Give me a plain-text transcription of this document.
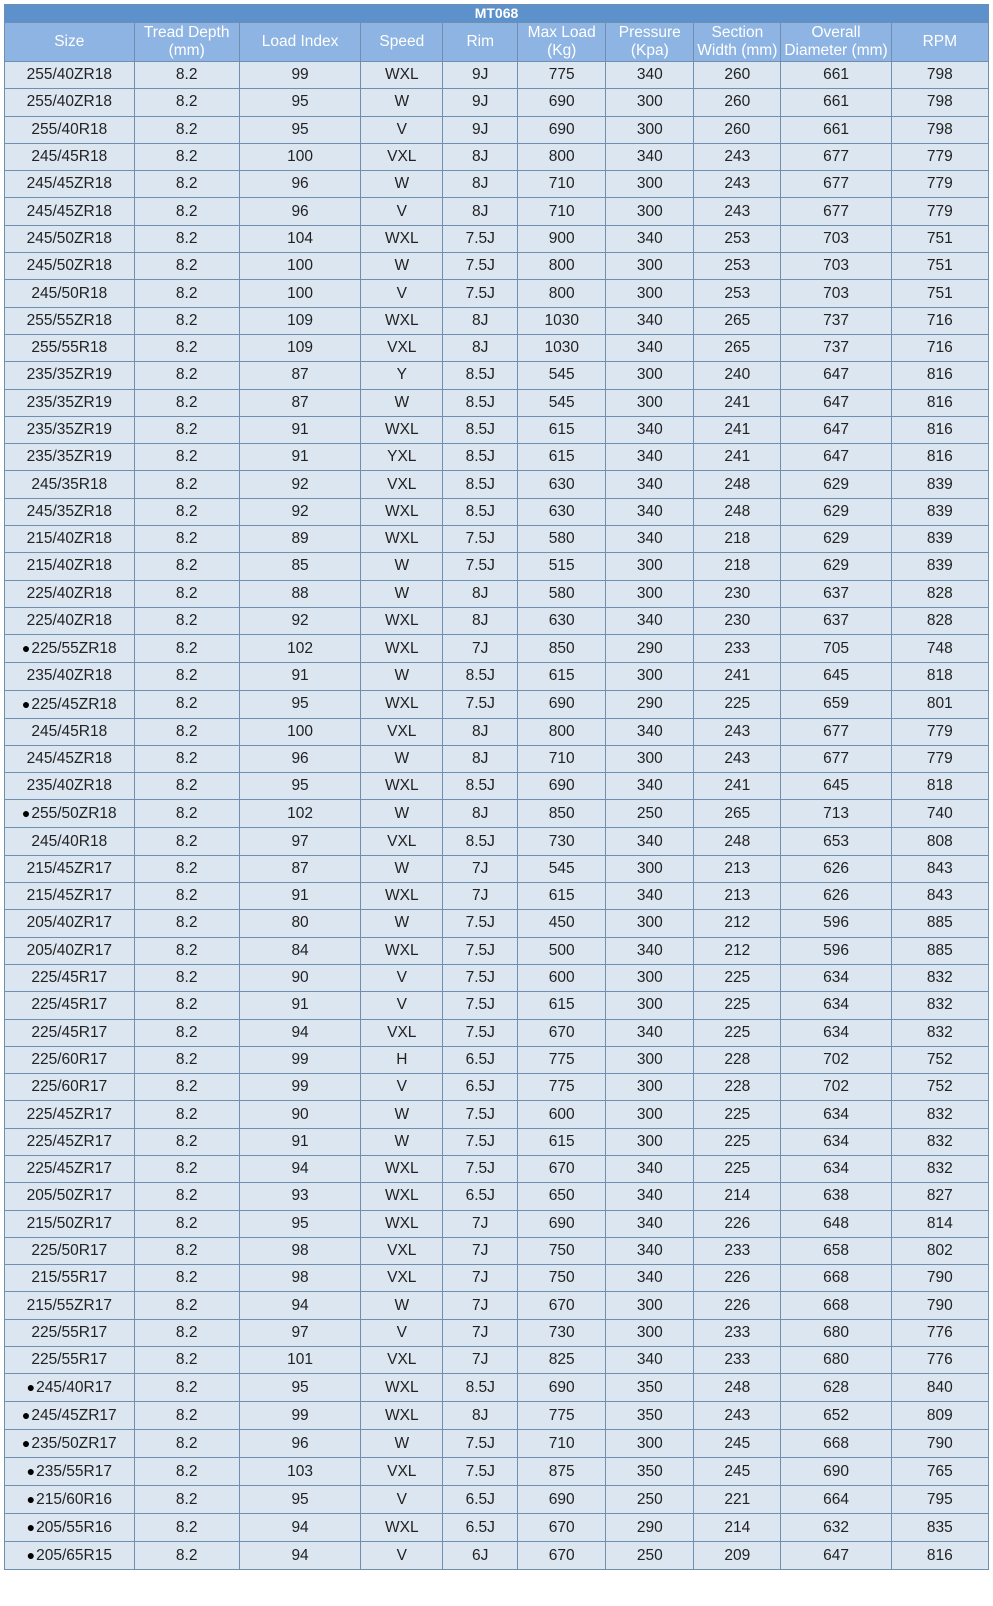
MT068									
Size	Tread Depth (mm)	Load Index	Speed	Rim	Max Load (Kg)	Pressure (Kpa)	Section Width (mm)	Overall Diameter (mm)	RPM
255/40ZR18	8.2	99	WXL	9J	775	340	260	661	798
255/40ZR18	8.2	95	W	9J	690	300	260	661	798
255/40R18	8.2	95	V	9J	690	300	260	661	798
245/45R18	8.2	100	VXL	8J	800	340	243	677	779
245/45ZR18	8.2	96	W	8J	710	300	243	677	779
245/45ZR18	8.2	96	V	8J	710	300	243	677	779
245/50ZR18	8.2	104	WXL	7.5J	900	340	253	703	751
245/50ZR18	8.2	100	W	7.5J	800	300	253	703	751
245/50R18	8.2	100	V	7.5J	800	300	253	703	751
255/55ZR18	8.2	109	WXL	8J	1030	340	265	737	716
255/55R18	8.2	109	VXL	8J	1030	340	265	737	716
235/35ZR19	8.2	87	Y	8.5J	545	300	240	647	816
235/35ZR19	8.2	87	W	8.5J	545	300	241	647	816
235/35ZR19	8.2	91	WXL	8.5J	615	340	241	647	816
235/35ZR19	8.2	91	YXL	8.5J	615	340	241	647	816
245/35R18	8.2	92	VXL	8.5J	630	340	248	629	839
245/35ZR18	8.2	92	WXL	8.5J	630	340	248	629	839
215/40ZR18	8.2	89	WXL	7.5J	580	340	218	629	839
215/40ZR18	8.2	85	W	7.5J	515	300	218	629	839
225/40ZR18	8.2	88	W	8J	580	300	230	637	828
225/40ZR18	8.2	92	WXL	8J	630	340	230	637	828
●225/55ZR18	8.2	102	WXL	7J	850	290	233	705	748
235/40ZR18	8.2	91	W	8.5J	615	300	241	645	818
●225/45ZR18	8.2	95	WXL	7.5J	690	290	225	659	801
245/45R18	8.2	100	VXL	8J	800	340	243	677	779
245/45ZR18	8.2	96	W	8J	710	300	243	677	779
235/40ZR18	8.2	95	WXL	8.5J	690	340	241	645	818
●255/50ZR18	8.2	102	W	8J	850	250	265	713	740
245/40R18	8.2	97	VXL	8.5J	730	340	248	653	808
215/45ZR17	8.2	87	W	7J	545	300	213	626	843
215/45ZR17	8.2	91	WXL	7J	615	340	213	626	843
205/40ZR17	8.2	80	W	7.5J	450	300	212	596	885
205/40ZR17	8.2	84	WXL	7.5J	500	340	212	596	885
225/45R17	8.2	90	V	7.5J	600	300	225	634	832
225/45R17	8.2	91	V	7.5J	615	300	225	634	832
225/45R17	8.2	94	VXL	7.5J	670	340	225	634	832
225/60R17	8.2	99	H	6.5J	775	300	228	702	752
225/60R17	8.2	99	V	6.5J	775	300	228	702	752
225/45ZR17	8.2	90	W	7.5J	600	300	225	634	832
225/45ZR17	8.2	91	W	7.5J	615	300	225	634	832
225/45ZR17	8.2	94	WXL	7.5J	670	340	225	634	832
205/50ZR17	8.2	93	WXL	6.5J	650	340	214	638	827
215/50ZR17	8.2	95	WXL	7J	690	340	226	648	814
225/50R17	8.2	98	VXL	7J	750	340	233	658	802
215/55R17	8.2	98	VXL	7J	750	340	226	668	790
215/55ZR17	8.2	94	W	7J	670	300	226	668	790
225/55R17	8.2	97	V	7J	730	300	233	680	776
225/55R17	8.2	101	VXL	7J	825	340	233	680	776
●245/40R17	8.2	95	WXL	8.5J	690	350	248	628	840
●245/45ZR17	8.2	99	WXL	8J	775	350	243	652	809
●235/50ZR17	8.2	96	W	7.5J	710	300	245	668	790
●235/55R17	8.2	103	VXL	7.5J	875	350	245	690	765
●215/60R16	8.2	95	V	6.5J	690	250	221	664	795
●205/55R16	8.2	94	WXL	6.5J	670	290	214	632	835
●205/65R15	8.2	94	V	6J	670	250	209	647	816
